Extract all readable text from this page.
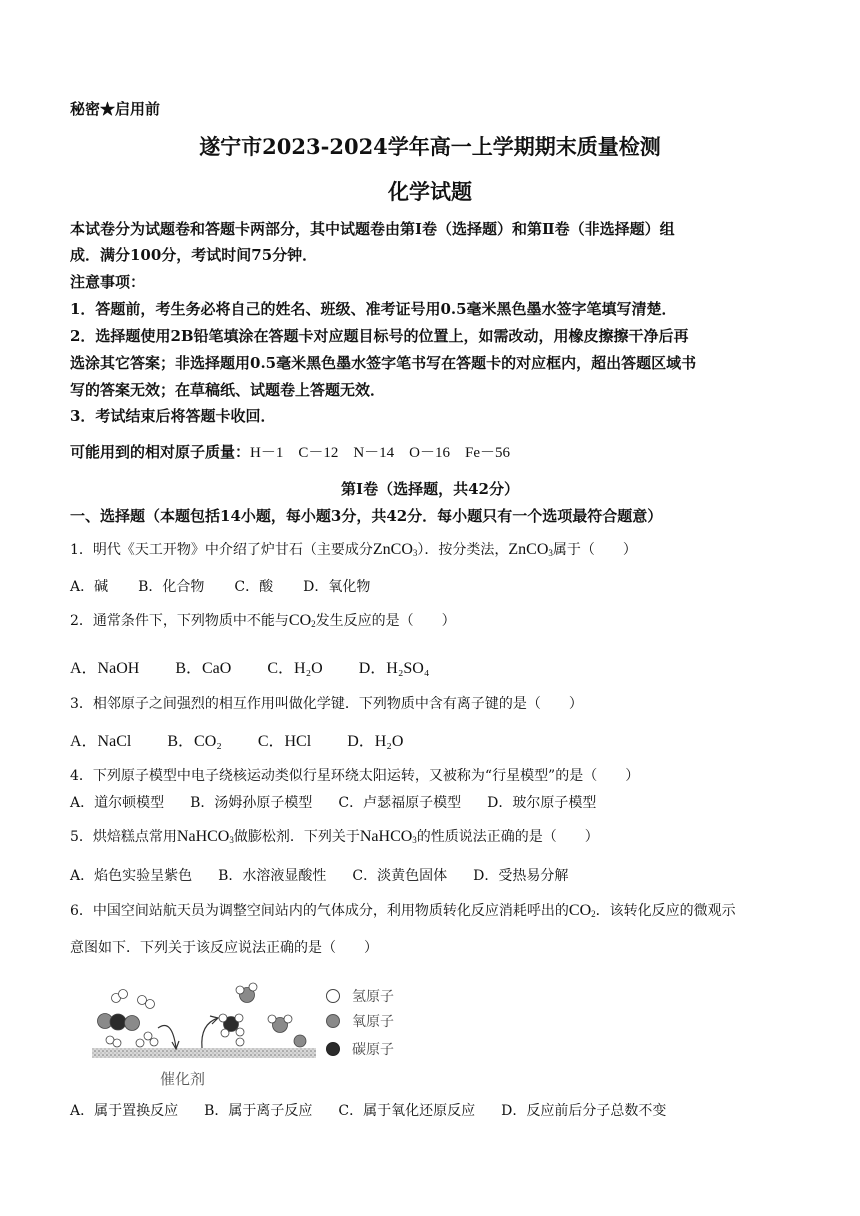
秘密★启用前
遂宁市2023-2024学年高一上学期期末质量检测
化学试题
本试卷分为试题卷和答题卡两部分，其中试题卷由第Ⅰ卷（选择题）和第Ⅱ卷（非选择题）组
成．满分100分，考试时间75分钟．
注意事项：
1．答题前，考生务必将自己的姓名、班级、准考证号用0.5毫米黑色墨水签字笔填写清楚．
2．选择题使用2B铅笔填涂在答题卡对应题目标号的位置上，如需改动，用橡皮擦擦干净后再
选涂其它答案；非选择题用0.5毫米黑色墨水签字笔书写在答题卡的对应框内，超出答题区域书
写的答案无效；在草稿纸、试题卷上答题无效．
3．考试结束后将答题卡收回．
可能用到的相对原子质量：H－1　C－12　N－14　O－16　Fe－56
第Ⅰ卷（选择题，共42分）
一、选择题（本题包括14小题，每小题3分，共42分．每小题只有一个选项最符合题意）
1．明代《天工开物》中介绍了炉甘石（主要成分ZnCO$_3$）．按分类法，ZnCO$_3$属于（　　）
A．碱 B．化合物 C．酸 D．氧化物
2．通常条件下，下列物质中不能与$CO_2$发生反应的是（　　）
A．NaOH B．CaO C．H₂O D．H₂SO₄
3．相邻原子之间强烈的相互作用叫做化学键．下列物质中含有离子键的是（　　）
A．NaCl B．CO₂ C．HCl D．H₂O
4．下列原子模型中电子绕核运动类似行星环绕太阳运转，又被称为“行星模型”的是（　　）
A．道尔顿模型 B．汤姆孙原子模型 C．卢瑟福原子模型 D．玻尔原子模型
5．烘焙糕点常用NaHCO$_3$做膨松剂．下列关于NaHCO$_3$的性质说法正确的是（　　）
A．焰色实验呈紫色 B．水溶液显酸性 C．淡黄色固体 D．受热易分解
6．中国空间站航天员为调整空间站内的气体成分，利用物质转化反应消耗呼出的$CO_2$．该转化反应的微观示
意图如下．下列关于该反应说法正确的是（　　）
催化剂
氢原子
氧原子
碳原子
A．属于置换反应 B．属于离子反应 C．属于氧化还原反应 D．反应前后分子总数不变
